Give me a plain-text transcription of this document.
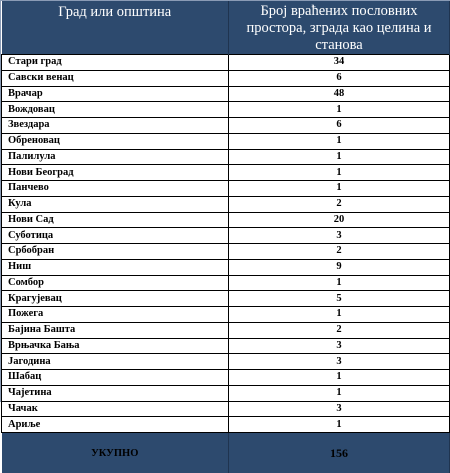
Град или општина	Број враћених пословних простора, зграда као целина и станова
Стари град	34
Савски венац	6
Врачар	48
Вождовац	1
Звездара	6
Обреновац	1
Палилула	1
Нови Београд	1
Панчево	1
Кула	2
Нови Сад	20
Суботица	3
Србобран	2
Ниш	9
Сомбор	1
Крагујевац	5
Пожега	1
Бајина Башта	2
Врњачка Бања	3
Јагодина	3
Шабац	1
Чајетина	1
Чачак	3
Ариље	1
УКУПНО	156
